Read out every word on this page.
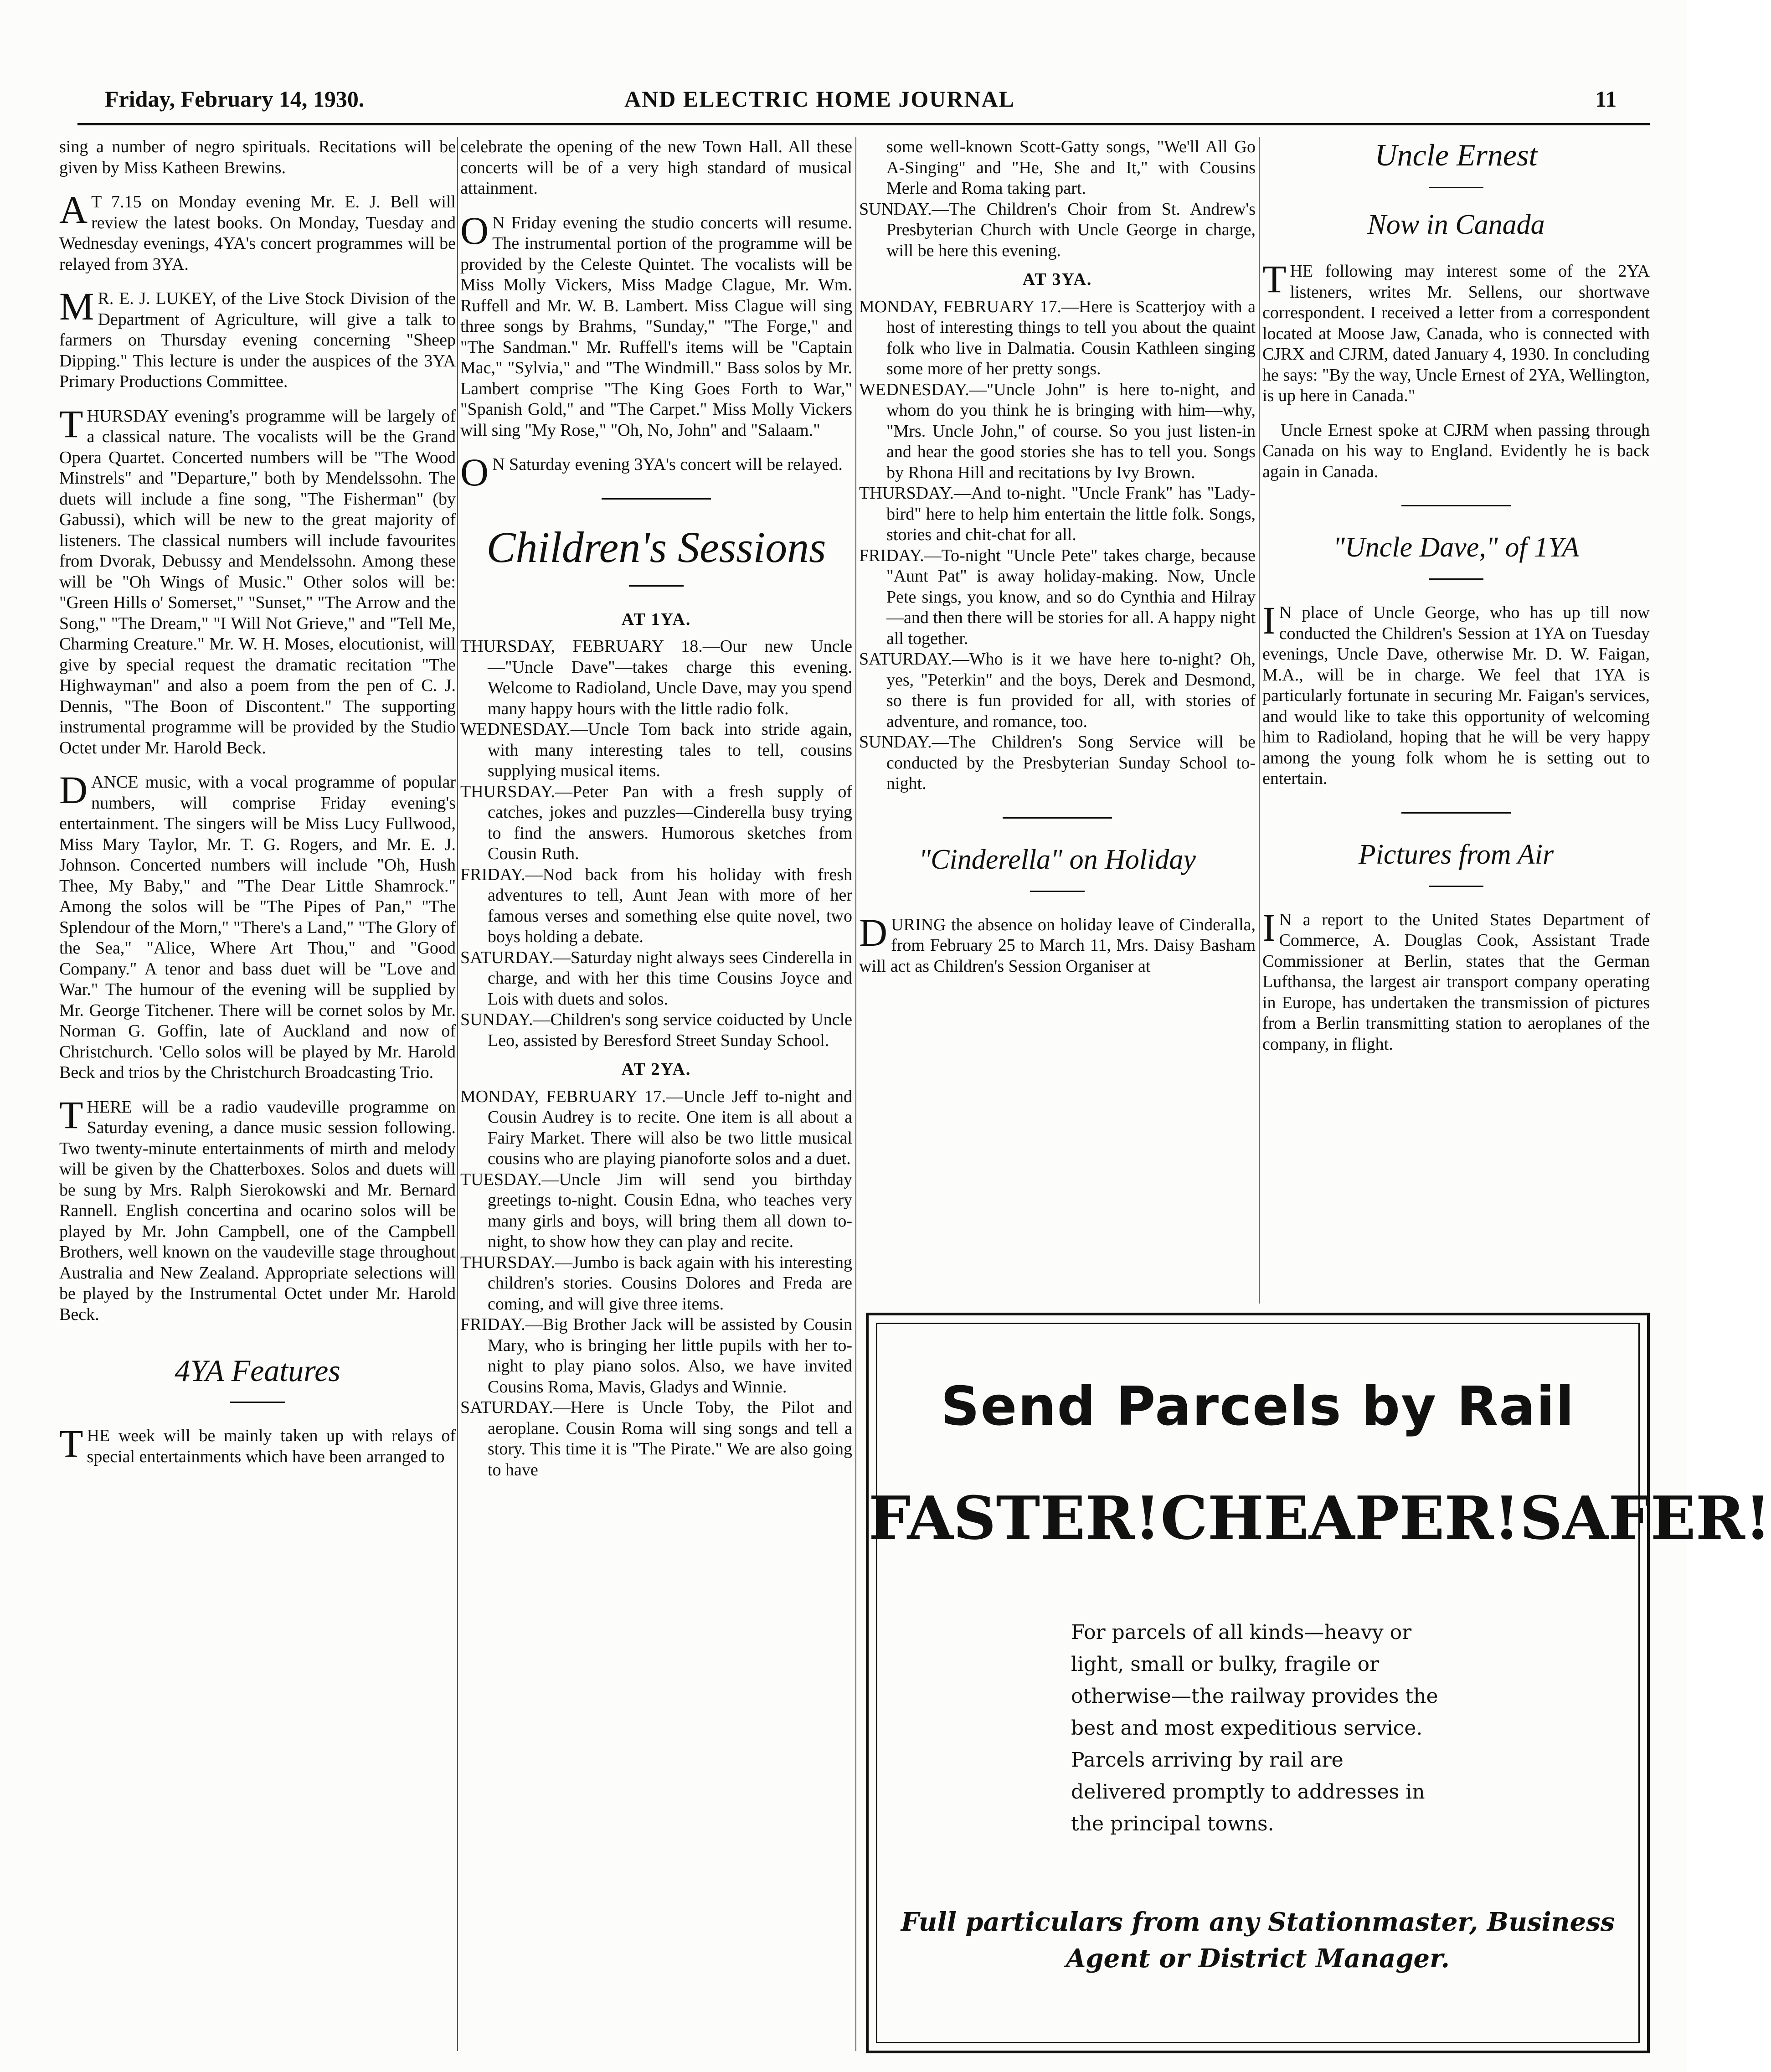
Friday, February 14, 1930.	AND ELECTRIC HOME JOURNAL	11

sing a number of negro spirituals. Recitations will be given by Miss Katheen Brewins.

A T 7.15 on Monday evening Mr. E. J. Bell will review the latest books. On Monday, Tuesday and Wednesday evenings, 4YA's concert programmes will be relayed from 3YA.

M R. E. J. LUKEY, of the Live Stock Division of the Department of Agriculture, will give a talk to farmers on Thursday evening concerning "Sheep Dipping." This lecture is under the auspices of the 3YA Primary Productions Committee.

THURSDAY evening's programme will be largely of a classical nature. The vocalists will be the Grand Opera Quartet. Concerted numbers will be "The Wood Minstrels" and "Departure," both by Mendelssohn. The duets will include a fine song, "The Fisherman" (by Gabussi), which will be new to the great majority of listeners. The classical numbers will include favourites from Dvorak, Debussy and Mendelssohn. Among these will be "Oh Wings of Music." Other solos will be: "Green Hills o' Somerset," "Sunset," "The Arrow and the Song," "The Dream," "I Will Not Grieve," and "Tell Me, Charming Creature." Mr. W. H. Moses, elocutionist, will give by special request the dramatic recitation "The Highwayman" and also a poem from the pen of C. J. Dennis, "The Boon of Discontent." The supporting instrumental programme will be provided by the Studio Octet under Mr. Harold Beck.

DANCE music, with a vocal programme of popular numbers, will comprise Friday evening's entertainment. The singers will be Miss Lucy Fullwood, Miss Mary Taylor, Mr. T. G. Rogers, and Mr. E. J. Johnson. Concerted numbers will include "Oh, Hush Thee, My Baby," and "The Dear Little Shamrock." Among the solos will be "The Pipes of Pan," "The Splendour of the Morn," "There's a Land," "The Glory of the Sea," "Alice, Where Art Thou," and "Good Company." A tenor and bass duet will be "Love and War." The humour of the evening will be supplied by Mr. George Titchener. There will be cornet solos by Mr. Norman G. Goffin, late of Auckland and now of Christchurch. 'Cello solos will be played by Mr. Harold Beck and trios by the Christchurch Broadcasting Trio.

THERE will be a radio vaudeville programme on Saturday evening, a dance music session following. Two twenty-minute entertainments of mirth and melody will be given by the Chatterboxes. Solos and duets will be sung by Mrs. Ralph Sierokowski and Mr. Bernard Rannell. English concertina and ocarino solos will be played by Mr. John Campbell, one of the Campbell Brothers, well known on the vaudeville stage throughout Australia and New Zealand. Appropriate selections will be played by the Instrumental Octet under Mr. Harold Beck.

4YA Features

THE week will be mainly taken up with relays of special entertainments which have been arranged to

celebrate the opening of the new Town Hall. All these concerts will be of a very high standard of musical attainment.

O N Friday evening the studio concerts will resume. The instrumental portion of the programme will be provided by the Celeste Quintet. The vocalists will be Miss Molly Vickers, Miss Madge Clague, Mr. Wm. Ruffell and Mr. W. B. Lambert. Miss Clague will sing three songs by Brahms, "Sunday," "The Forge," and "The Sandman." Mr. Ruffell's items will be "Captain Mac," "Sylvia," and "The Windmill." Bass solos by Mr. Lambert comprise "The King Goes Forth to War," "Spanish Gold," and "The Carpet." Miss Molly Vickers will sing "My Rose," "Oh, No, John" and "Salaam."

O N Saturday evening 3YA's concert will be relayed.

Children's Sessions
AT 1YA.
THURSDAY, FEBRUARY 18.—Our new Uncle—"Uncle Dave"—takes charge this evening. Welcome to Radioland, Uncle Dave, may you spend many happy hours with the little radio folk.
WEDNESDAY.—Uncle Tom back into stride again, with many interesting tales to tell, cousins supplying musical items.
THURSDAY.—Peter Pan with a fresh supply of catches, jokes and puzzles—Cinderella busy trying to find the answers. Humorous sketches from Cousin Ruth.
FRIDAY.—Nod back from his holiday with fresh adventures to tell, Aunt Jean with more of her famous verses and something else quite novel, two boys holding a debate.
SATURDAY.—Saturday night always sees Cinderella in charge, and with her this time Cousins Joyce and Lois with duets and solos.
SUNDAY.—Children's song service coiducted by Uncle Leo, assisted by Beresford Street Sunday School.
AT 2YA.
MONDAY, FEBRUARY 17.—Uncle Jeff to-night and Cousin Audrey is to recite. One item is all about a Fairy Market. There will also be two little musical cousins who are playing pianoforte solos and a duet.
TUESDAY.—Uncle Jim will send you birthday greetings to-night. Cousin Edna, who teaches very many girls and boys, will bring them all down to-night, to show how they can play and recite.
THURSDAY.—Jumbo is back again with his interesting children's stories. Cousins Dolores and Freda are coming, and will give three items.
FRIDAY.—Big Brother Jack will be assisted by Cousin Mary, who is bringing her little pupils with her to-night to play piano solos. Also, we have invited Cousins Roma, Mavis, Gladys and Winnie.
SATURDAY.—Here is Uncle Toby, the Pilot and aeroplane. Cousin Roma will sing songs and tell a story. This time it is "The Pirate." We are also going to have
some well-known Scott-Gatty songs, "We'll All Go A-Singing" and "He, She and It," with Cousins Merle and Roma taking part.
SUNDAY.—The Children's Choir from St. Andrew's Presbyterian Church with Uncle George in charge, will be here this evening.
AT 3YA.
MONDAY, FEBRUARY 17.—Here is Scatterjoy with a host of interesting things to tell you about the quaint folk who live in Dalmatia. Cousin Kathleen singing some more of her pretty songs.
WEDNESDAY.—"Uncle John" is here to-night, and whom do you think he is bringing with him—why, "Mrs. Uncle John," of course. So you just listen-in and hear the good stories she has to tell you. Songs by Rhona Hill and recitations by Ivy Brown.
THURSDAY.—And to-night. "Uncle Frank" has "Lady-bird" here to help him entertain the little folk. Songs, stories and chit-chat for all.
FRIDAY.—To-night "Uncle Pete" takes charge, because "Aunt Pat" is away holiday-making. Now, Uncle Pete sings, you know, and so do Cynthia and Hilray—and then there will be stories for all. A happy night all together.
SATURDAY.—Who is it we have here to-night? Oh, yes, "Peterkin" and the boys, Derek and Desmond, so there is fun provided for all, with stories of adventure, and romance, too.
SUNDAY.—The Children's Song Service will be conducted by the Presbyterian Sunday School to-night.
"Cinderella" on Holiday

DURING the absence on holiday leave of Cinderalla, from February 25 to March 11, Mrs. Daisy Basham will act as Children's Session Organiser at

Uncle Ernest
Now in Canada

THE following may interest some of the 2YA listeners, writes Mr. Sellens, our shortwave correspondent. I received a letter from a correspondent located at Moose Jaw, Canada, who is connected with CJRX and CJRM, dated January 4, 1930. In concluding he says: "By the way, Uncle Ernest of 2YA, Wellington, is up here in Canada."

Uncle Ernest spoke at CJRM when passing through Canada on his way to England. Evidently he is back again in Canada.

"Uncle Dave," of 1YA

I N place of Uncle George, who has up till now conducted the Children's Session at 1YA on Tuesday evenings, Uncle Dave, otherwise Mr. D. W. Faigan, M.A., will be in charge. We feel that 1YA is particularly fortunate in securing Mr. Faigan's services, and would like to take this opportunity of welcoming him to Radioland, hoping that he will be very happy among the young folk whom he is setting out to entertain.

Pictures from Air

I N a report to the United States Department of Commerce, A. Douglas Cook, Assistant Trade Commissioner at Berlin, states that the German Lufthansa, the largest air transport company operating in Europe, has undertaken the transmission of pictures from a Berlin transmitting station to aeroplanes of the company, in flight.

Send Parcels by Rail
FASTER! CHEAPER! SAFER!
For parcels of all kinds—heavy or light, small or bulky, fragile or otherwise—the railway provides the best and most expeditious service. Parcels arriving by rail are delivered promptly to addresses in the principal towns.
Full particulars from any Stationmaster, Business
Agent or District Manager.
